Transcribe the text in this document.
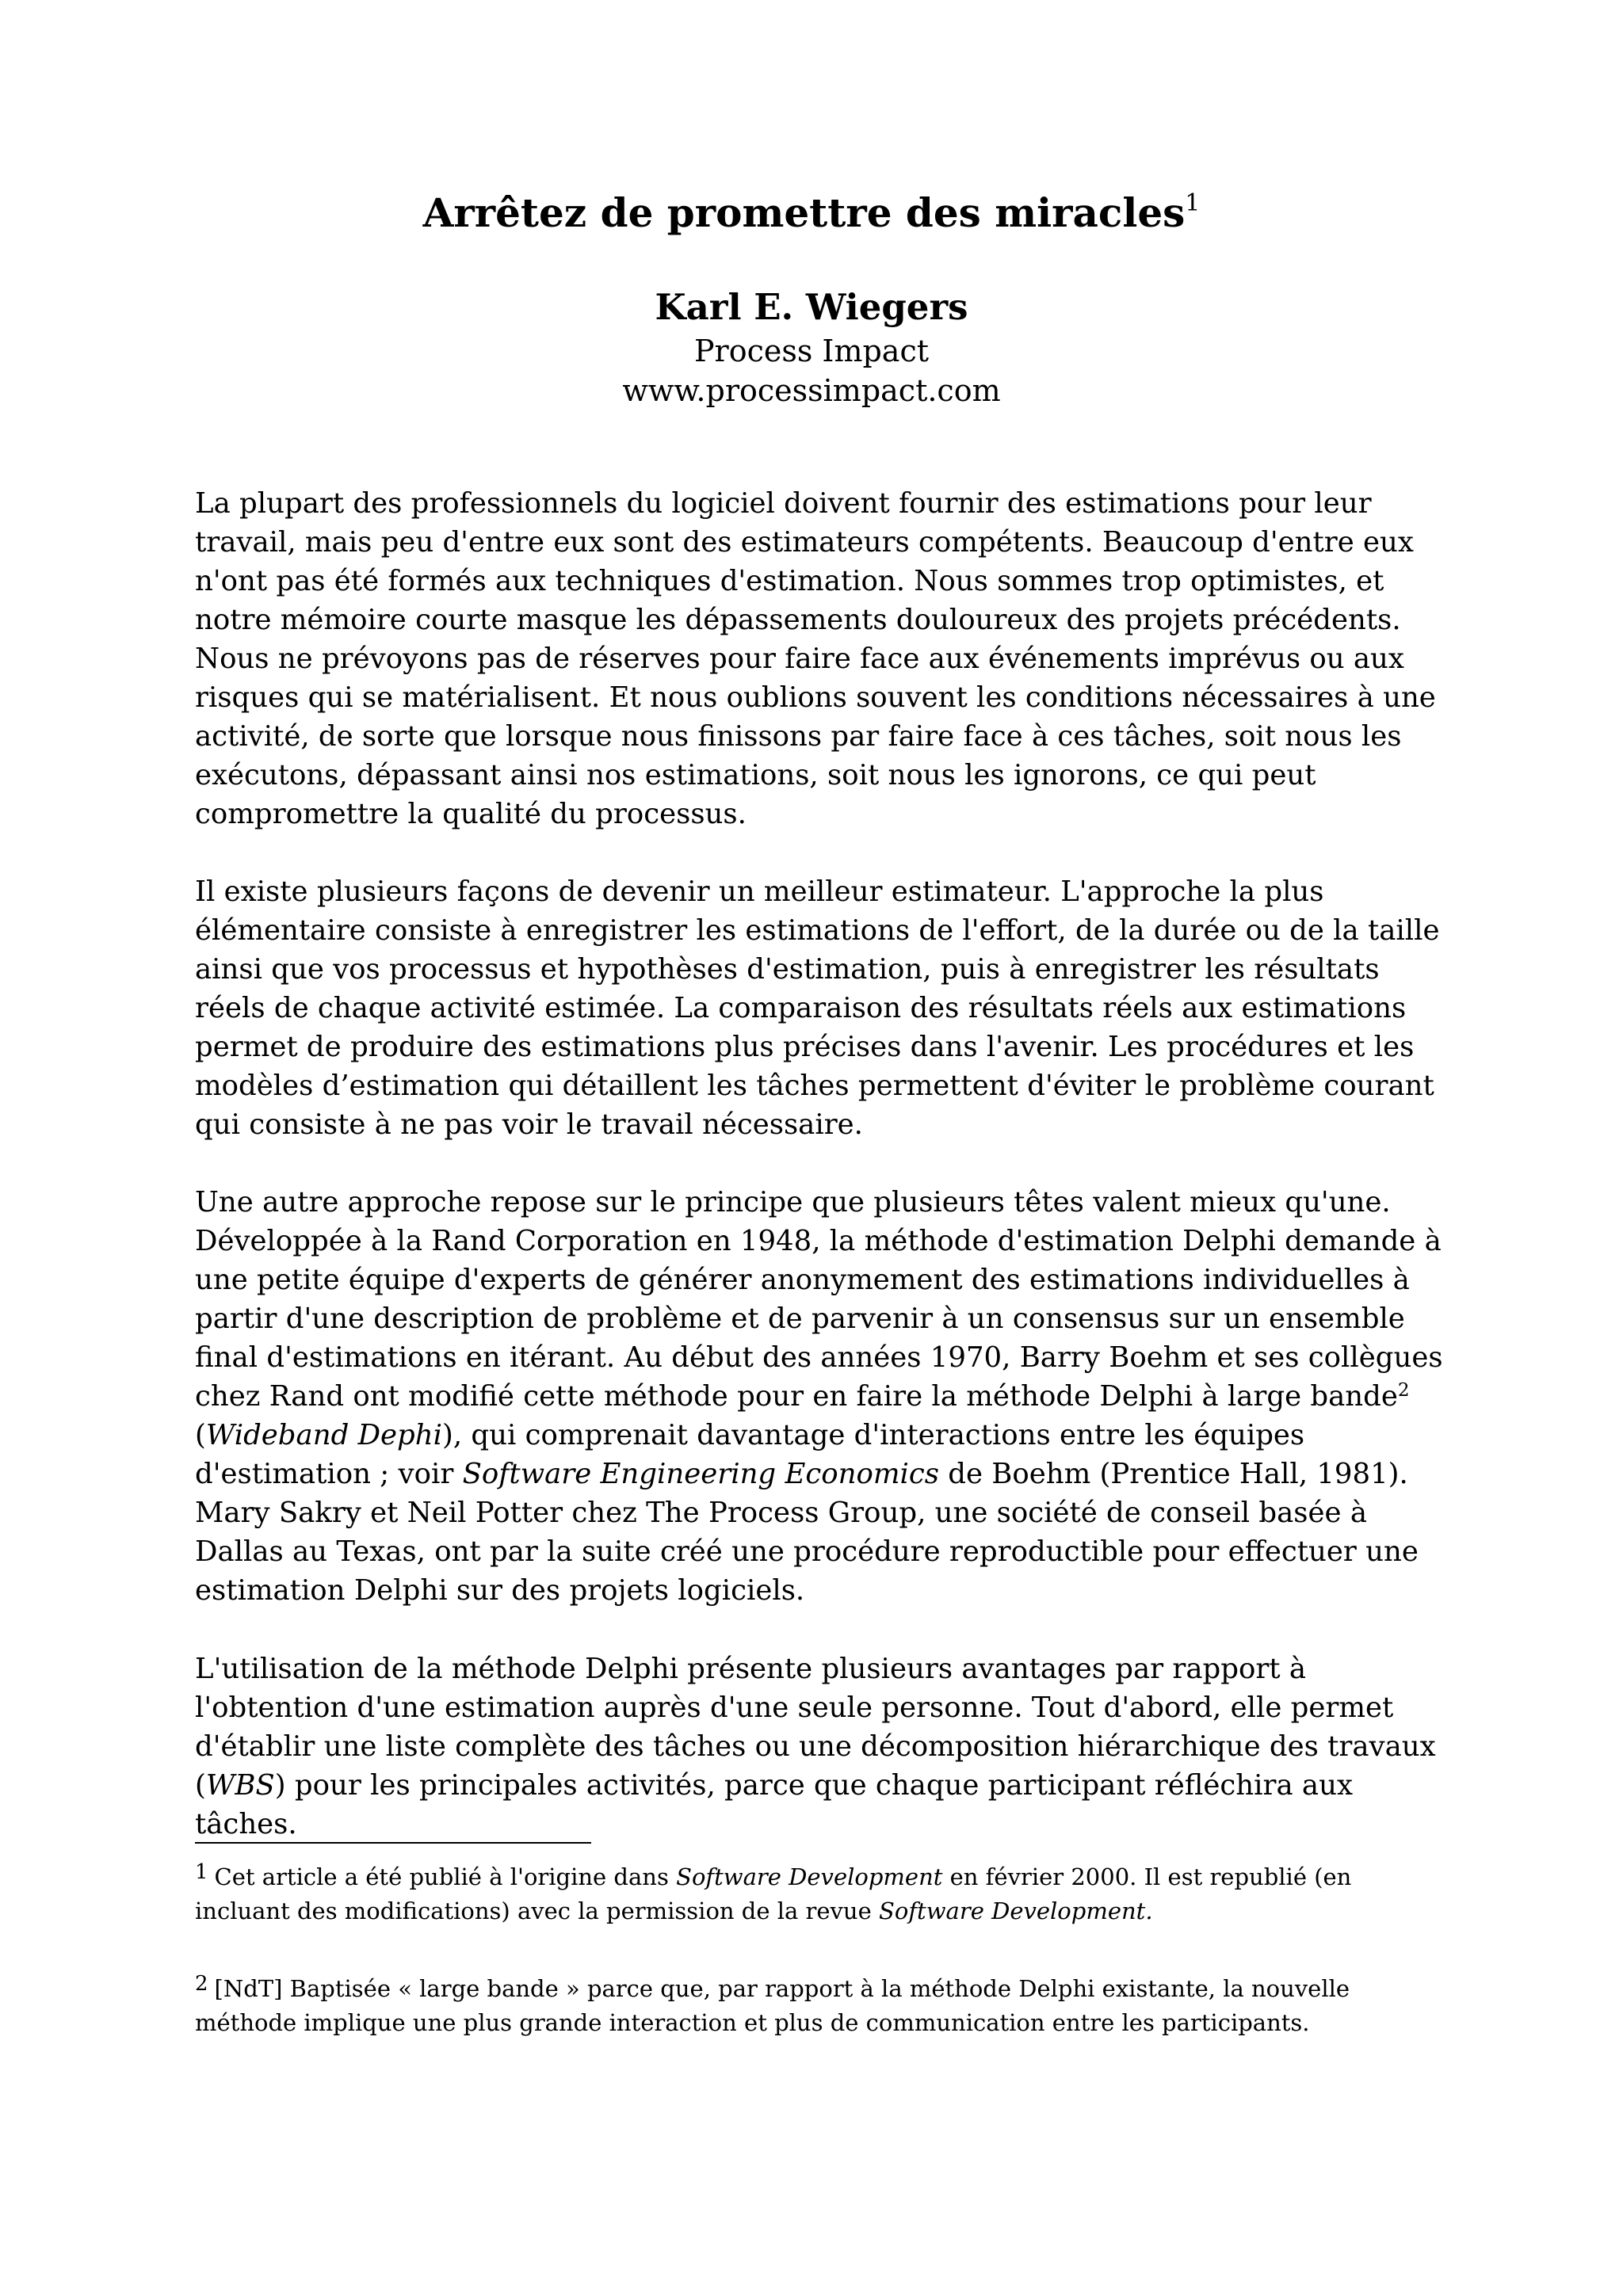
Arrêtez de promettre des miracles$^1$
Karl E. Wiegers
Process Impact
www.processimpact.com

La plupart des professionnels du logiciel doivent fournir des estimations pour leur travail, mais peu d'entre eux sont des estimateurs compétents. Beaucoup d'entre eux n'ont pas été formés aux techniques d'estimation. Nous sommes trop optimistes, et notre mémoire courte masque les dépassements douloureux des projets précédents. Nous ne prévoyons pas de réserves pour faire face aux événements imprévus ou aux risques qui se matérialisent. Et nous oublions souvent les conditions nécessaires à une activité, de sorte que lorsque nous finissons par faire face à ces tâches, soit nous les exécutons, dépassant ainsi nos estimations, soit nous les ignorons, ce qui peut compromettre la qualité du processus.

Il existe plusieurs façons de devenir un meilleur estimateur. L'approche la plus élémentaire consiste à enregistrer les estimations de l'effort, de la durée ou de la taille ainsi que vos processus et hypothèses d'estimation, puis à enregistrer les résultats réels de chaque activité estimée. La comparaison des résultats réels aux estimations permet de produire des estimations plus précises dans l'avenir. Les procédures et les modèles d’estimation qui détaillent les tâches permettent d'éviter le problème courant qui consiste à ne pas voir le travail nécessaire.

Une autre approche repose sur le principe que plusieurs têtes valent mieux qu'une. Développée à la Rand Corporation en 1948, la méthode d'estimation Delphi demande à une petite équipe d'experts de générer anonymement des estimations individuelles à partir d'une description de problème et de parvenir à un consensus sur un ensemble final d'estimations en itérant. Au début des années 1970, Barry Boehm et ses collègues chez Rand ont modifié cette méthode pour en faire la méthode Delphi à large bande$^2$ (Wideband Dephi), qui comprenait davantage d'interactions entre les équipes d'estimation ; voir Software Engineering Economics de Boehm (Prentice Hall, 1981). Mary Sakry et Neil Potter chez The Process Group, une société de conseil basée à Dallas au Texas, ont par la suite créé une procédure reproductible pour effectuer une estimation Delphi sur des projets logiciels.

L'utilisation de la méthode Delphi présente plusieurs avantages par rapport à l'obtention d'une estimation auprès d'une seule personne. Tout d'abord, elle permet d'établir une liste complète des tâches ou une décomposition hiérarchique des travaux (WBS) pour les principales activités, parce que chaque participant réfléchira aux tâches.

1 Cet article a été publié à l'origine dans Software Development en février 2000. Il est republié (en incluant des modifications) avec la permission de la revue Software Development.
2 [NdT] Baptisée « large bande » parce que, par rapport à la méthode Delphi existante, la nouvelle méthode implique une plus grande interaction et plus de communication entre les participants.
